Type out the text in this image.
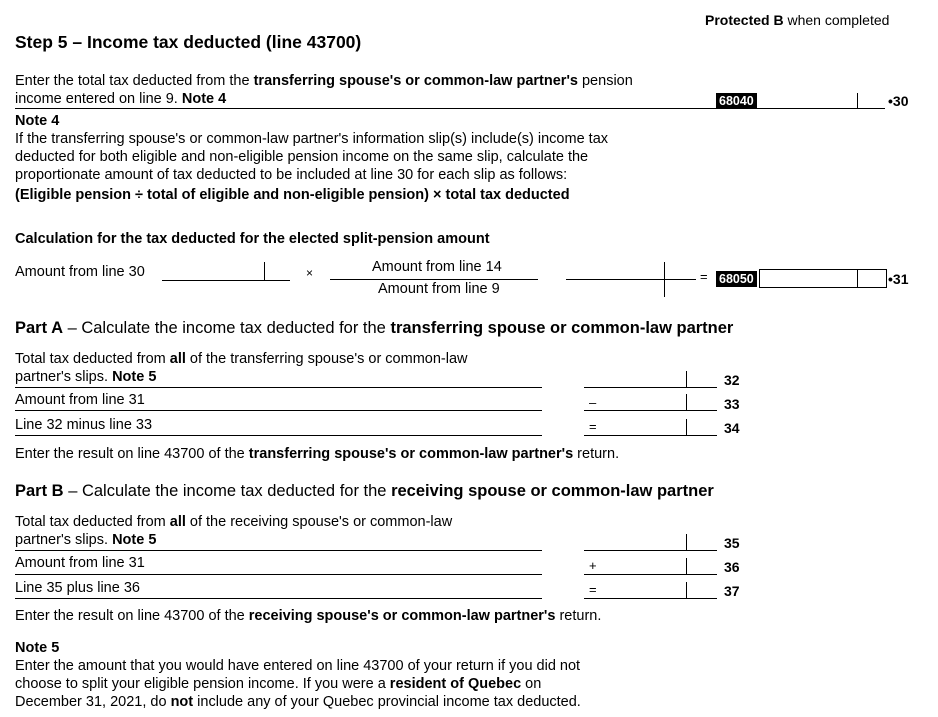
Protected B when completed
Step 5 – Income tax deducted (line 43700)
Enter the total tax deducted from the transferring spouse's or common-law partner's pension
income entered on line 9. Note 4	68040	•30
Note 4
If the transferring spouse's or common-law partner's information slip(s) include(s) income tax
deducted for both eligible and non-eligible pension income on the same slip, calculate the
proportionate amount of tax deducted to be included at line 30 for each slip as follows:
(Eligible pension ÷ total of eligible and non-eligible pension) × total tax deducted
Calculation for the tax deducted for the elected split-pension amount
Amount from line 30	×	Amount from line 14
Amount from line 9
= 68050	•31
Part A – Calculate the income tax deducted for the transferring spouse or common-law partner
Total tax deducted from all of the transferring spouse's or common-law
partner's slips. Note 5	32
Amount from line 31	–	33
Line 32 minus line 33	=	34
Enter the result on line 43700 of the transferring spouse's or common-law partner's return.
Part B – Calculate the income tax deducted for the receiving spouse or common-law partner
Total tax deducted from all of the receiving spouse's or common-law
partner's slips. Note 5	35
Amount from line 31	+	36
Line 35 plus line 36	=	37
Enter the result on line 43700 of the receiving spouse's or common-law partner's return.
Note 5
Enter the amount that you would have entered on line 43700 of your return if you did not
choose to split your eligible pension income. If you were a resident of Quebec on
December 31, 2021, do not include any of your Quebec provincial income tax deducted.
